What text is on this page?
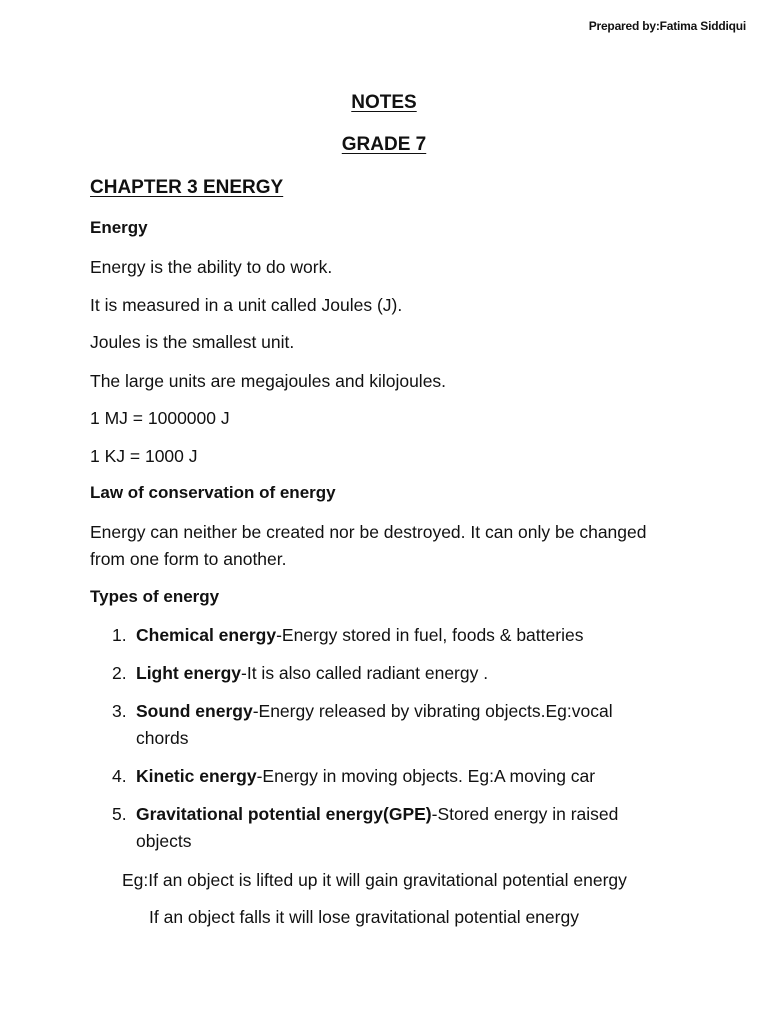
Prepared by:Fatima Siddiqui
NOTES
GRADE 7
CHAPTER 3 ENERGY
Energy
Energy is the ability to do work.
It is measured in a unit called Joules (J).
Joules is the smallest unit.
The large units are megajoules and kilojoules.
1 MJ = 1000000 J
1 KJ = 1000 J
Law of conservation of energy
Energy can neither be created nor be destroyed. It can only be changed
from one form to another.
Types of energy
1. Chemical energy-Energy stored in fuel, foods & batteries
2. Light energy-It is also called radiant energy .
3. Sound energy-Energy released by vibrating objects.Eg:vocal
chords
4. Kinetic energy-Energy in moving objects. Eg:A moving car
5. Gravitational potential energy(GPE)-Stored energy in raised
objects
Eg:If an object is lifted up it will gain gravitational potential energy
If an object falls it will lose gravitational potential energy
